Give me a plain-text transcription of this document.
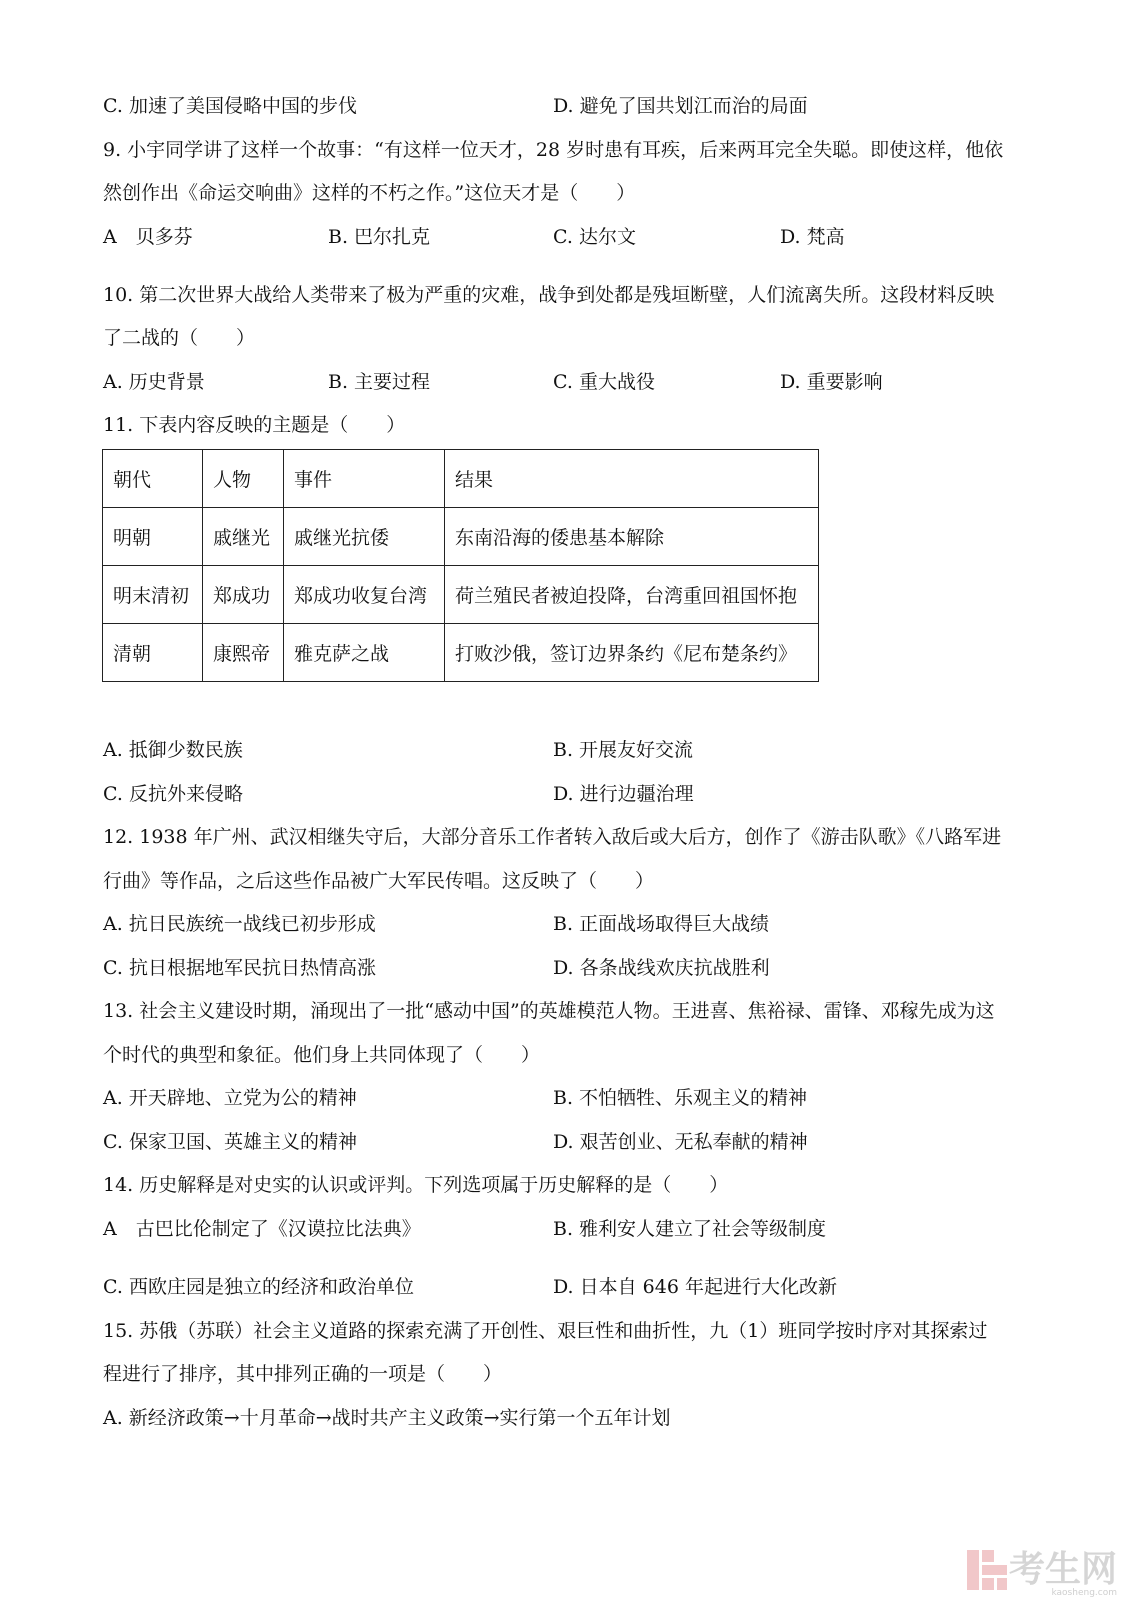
C. 加速了美国侵略中国的步伐	D. 避免了国共划江而治的局面
9. 小宇同学讲了这样一个故事：“有这样一位天才，28 岁时患有耳疾，后来两耳完全失聪。即使这样，他依
然创作出《命运交响曲》这样的不朽之作。”这位天才是（　　）
A　贝多芬	B. 巴尔扎克	C. 达尔文	D. 梵高
10. 第二次世界大战给人类带来了极为严重的灾难，战争到处都是残垣断壁，人们流离失所。这段材料反映
了二战的（　　）
A. 历史背景	B. 主要过程	C. 重大战役	D. 重要影响
11. 下表内容反映的主题是（　　）
朝代	人物	事件	结果
明朝	戚继光	戚继光抗倭	东南沿海的倭患基本解除
明末清初	郑成功	郑成功收复台湾	荷兰殖民者被迫投降，台湾重回祖国怀抱
清朝	康熙帝	雅克萨之战	打败沙俄，签订边界条约《尼布楚条约》
A. 抵御少数民族	B. 开展友好交流
C. 反抗外来侵略	D. 进行边疆治理
12. 1938 年广州、武汉相继失守后，大部分音乐工作者转入敌后或大后方，创作了《游击队歌》《八路军进
行曲》等作品，之后这些作品被广大军民传唱。这反映了（　　）
A. 抗日民族统一战线已初步形成	B. 正面战场取得巨大战绩
C. 抗日根据地军民抗日热情高涨	D. 各条战线欢庆抗战胜利
13. 社会主义建设时期，涌现出了一批“感动中国”的英雄模范人物。王进喜、焦裕禄、雷锋、邓稼先成为这
个时代的典型和象征。他们身上共同体现了（　　）
A. 开天辟地、立党为公的精神	B. 不怕牺牲、乐观主义的精神
C. 保家卫国、英雄主义的精神	D. 艰苦创业、无私奉献的精神
14. 历史解释是对史实的认识或评判。下列选项属于历史解释的是（　　）
A　古巴比伦制定了《汉谟拉比法典》	B. 雅利安人建立了社会等级制度
C. 西欧庄园是独立的经济和政治单位	D. 日本自 646 年起进行大化改新
15. 苏俄（苏联）社会主义道路的探索充满了开创性、艰巨性和曲折性，九（1）班同学按时序对其探索过
程进行了排序，其中排列正确的一项是（　　）
A. 新经济政策→十月革命→战时共产主义政策→实行第一个五年计划
考生网
kaosheng.com
